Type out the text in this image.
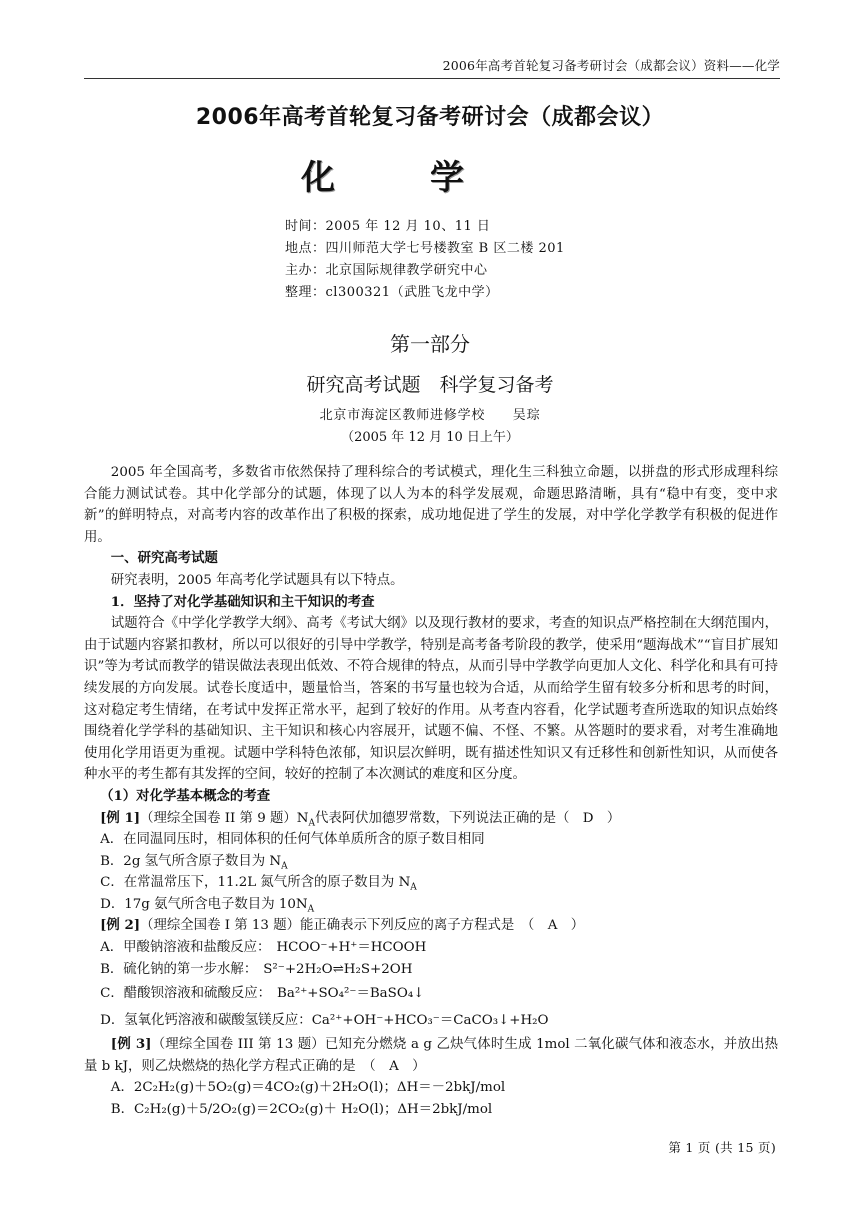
2006年高考首轮复习备考研讨会（成都会议）资料——化学
2006年高考首轮复习备考研讨会（成都会议）
化学
时间：2005 年 12 月 10、11 日
地点：四川师范大学七号楼教室 B 区二楼 201
主办：北京国际规律教学研究中心
整理：cl300321（武胜飞龙中学）
第一部分
研究高考试题　科学复习备考
北京市海淀区教师进修学校　　吴琮
（2005 年 12 月 10 日上午）

2005 年全国高考，多数省市依然保持了理科综合的考试模式，理化生三科独立命题，以拼盘的形式形成理科综合能力测试试卷。其中化学部分的试题，体现了以人为本的科学发展观，命题思路清晰，具有“稳中有变，变中求新”的鲜明特点，对高考内容的改革作出了积极的探索，成功地促进了学生的发展，对中学化学教学有积极的促进作用。

一、研究高考试题

研究表明，2005 年高考化学试题具有以下特点。

1．坚持了对化学基础知识和主干知识的考查

试题符合《中学化学教学大纲》、高考《考试大纲》以及现行教材的要求，考查的知识点严格控制在大纲范围内，由于试题内容紧扣教材，所以可以很好的引导中学教学，特别是高考备考阶段的教学，使采用“题海战术”“盲目扩展知识”等为考试而教学的错误做法表现出低效、不符合规律的特点，从而引导中学教学向更加人文化、科学化和具有可持续发展的方向发展。试卷长度适中，题量恰当，答案的书写量也较为合适，从而给学生留有较多分析和思考的时间，这对稳定考生情绪，在考试中发挥正常水平，起到了较好的作用。从考查内容看，化学试题考查所选取的知识点始终围绕着化学学科的基础知识、主干知识和核心内容展开，试题不偏、不怪、不繁。从答题时的要求看，对考生准确地使用化学用语更为重视。试题中学科特色浓郁，知识层次鲜明，既有描述性知识又有迁移性和创新性知识，从而使各种水平的考生都有其发挥的空间，较好的控制了本次测试的难度和区分度。

（1）对化学基本概念的考查

[例 1]（理综全国卷 II 第 9 题）$N_A$代表阿伏加德罗常数，下列说法正确的是（　D　）

A．在同温同压时，相同体积的任何气体单质所含的原子数目相同

B．2g 氢气所含原子数目为 $N_A$

C．在常温常压下，11.2L 氮气所含的原子数目为 $N_A$

D．17g 氨气所含电子数目为 $10N_A$

[例 2]（理综全国卷 I 第 13 题）能正确表示下列反应的离子方程式是　（　A　）

A．甲酸钠溶液和盐酸反应： HCOO⁻+H⁺＝HCOOH

B．硫化钠的第一步水解： S²⁻+2H₂O⇌H₂S+2OH

C．醋酸钡溶液和硫酸反应： Ba²⁺+SO₄²⁻＝BaSO₄↓

D．氢氧化钙溶液和碳酸氢镁反应：Ca²⁺+OH⁻+HCO₃⁻＝CaCO₃↓+H₂O

[例 3]（理综全国卷 III 第 13 题）已知充分燃烧 a g 乙炔气体时生成 1mol 二氧化碳气体和液态水，并放出热量 b kJ，则乙炔燃烧的热化学方程式正确的是　（　A　）

A．2C₂H₂(g)＋5O₂(g)＝4CO₂(g)＋2H₂O(l)；ΔH＝－2bkJ/mol

B．C₂H₂(g)＋5/2O₂(g)＝2CO₂(g)＋ H₂O(l)；ΔH＝2bkJ/mol

第 1 页 (共 15 页)
